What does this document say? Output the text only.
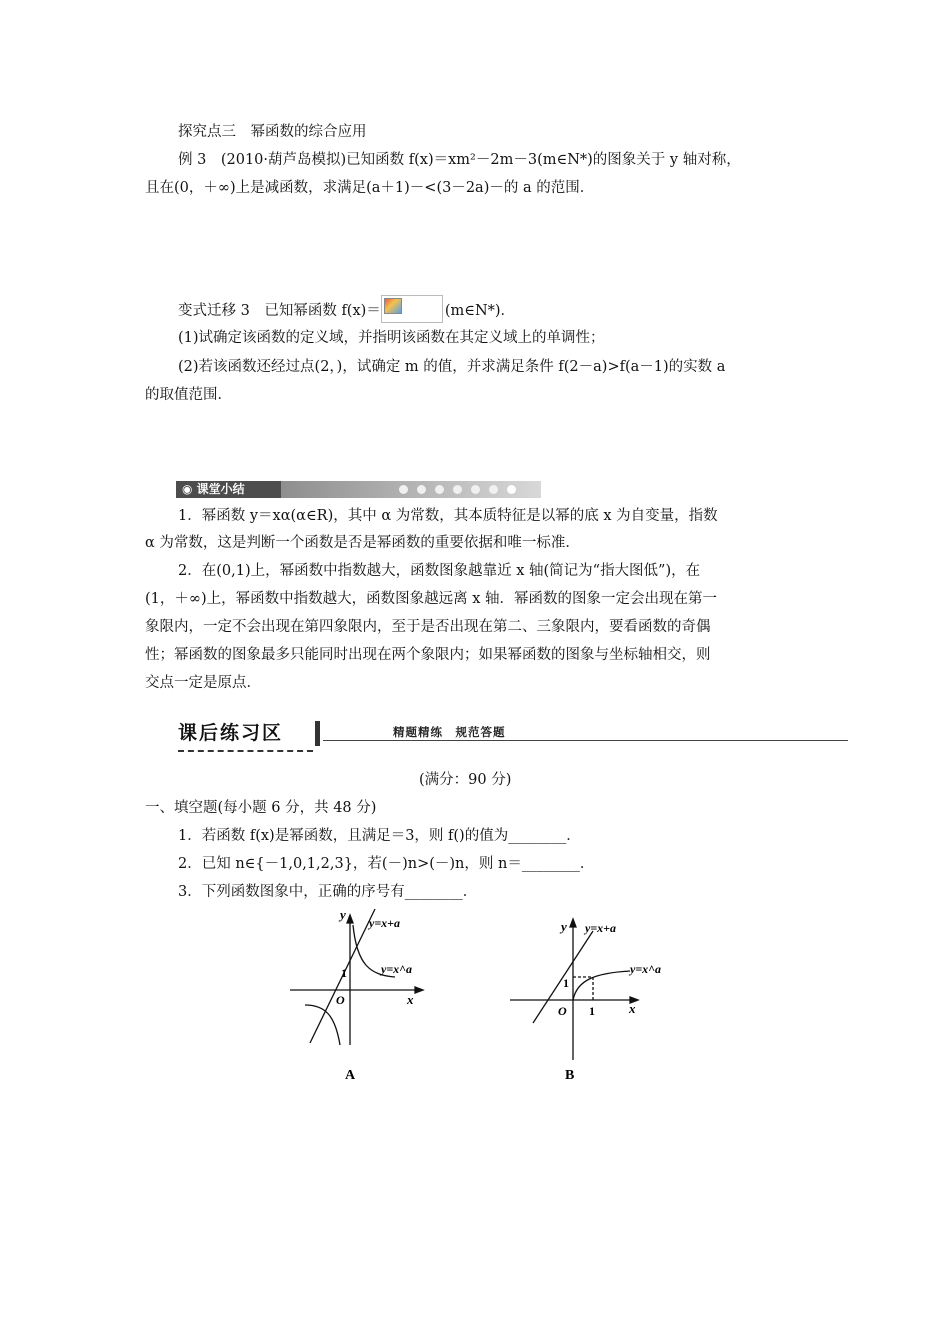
探究点三　幂函数的综合应用
例 3　(2010·葫芦岛模拟)已知函数 f(x)＝xm²－2m－3(m∈N*)的图象关于 y 轴对称，
且在(0，＋∞)上是减函数，求满足(a＋1)－<(3－2a)－的 a 的范围．
变式迁移 3　已知幂函数 f(x)＝	(m∈N*)．
(1)试确定该函数的定义域，并指明该函数在其定义域上的单调性；
(2)若该函数还经过点(2，)，试确定 m 的值，并求满足条件 f(2－a)>f(a－1)的实数 a
的取值范围．
◉ 课堂小结
1．幂函数 y＝xα(α∈R)，其中 α 为常数，其本质特征是以幂的底 x 为自变量，指数
α 为常数，这是判断一个函数是否是幂函数的重要依据和唯一标准．
2．在(0,1)上，幂函数中指数越大，函数图象越靠近 x 轴(简记为“指大图低”)，在
(1，＋∞)上，幂函数中指数越大，函数图象越远离 x 轴．幂函数的图象一定会出现在第一
象限内，一定不会出现在第四象限内，至于是否出现在第二、三象限内，要看函数的奇偶
性；幂函数的图象最多只能同时出现在两个象限内；如果幂函数的图象与坐标轴相交，则
交点一定是原点．
课后练习区	精题精练　规范答题
(满分：90 分)
一、填空题(每小题 6 分，共 48 分)
1．若函数 f(x)是幂函数，且满足＝3，则 f()的值为________．
2．已知 n∈{－1,0,1,2,3}，若(－)n>(－)n，则 n＝________．
3．下列函数图象中，正确的序号有________．
y
y=x+a
y=x^a
1
O	x
A
y y=x+a
y=x^a
1
1
O	x
B
